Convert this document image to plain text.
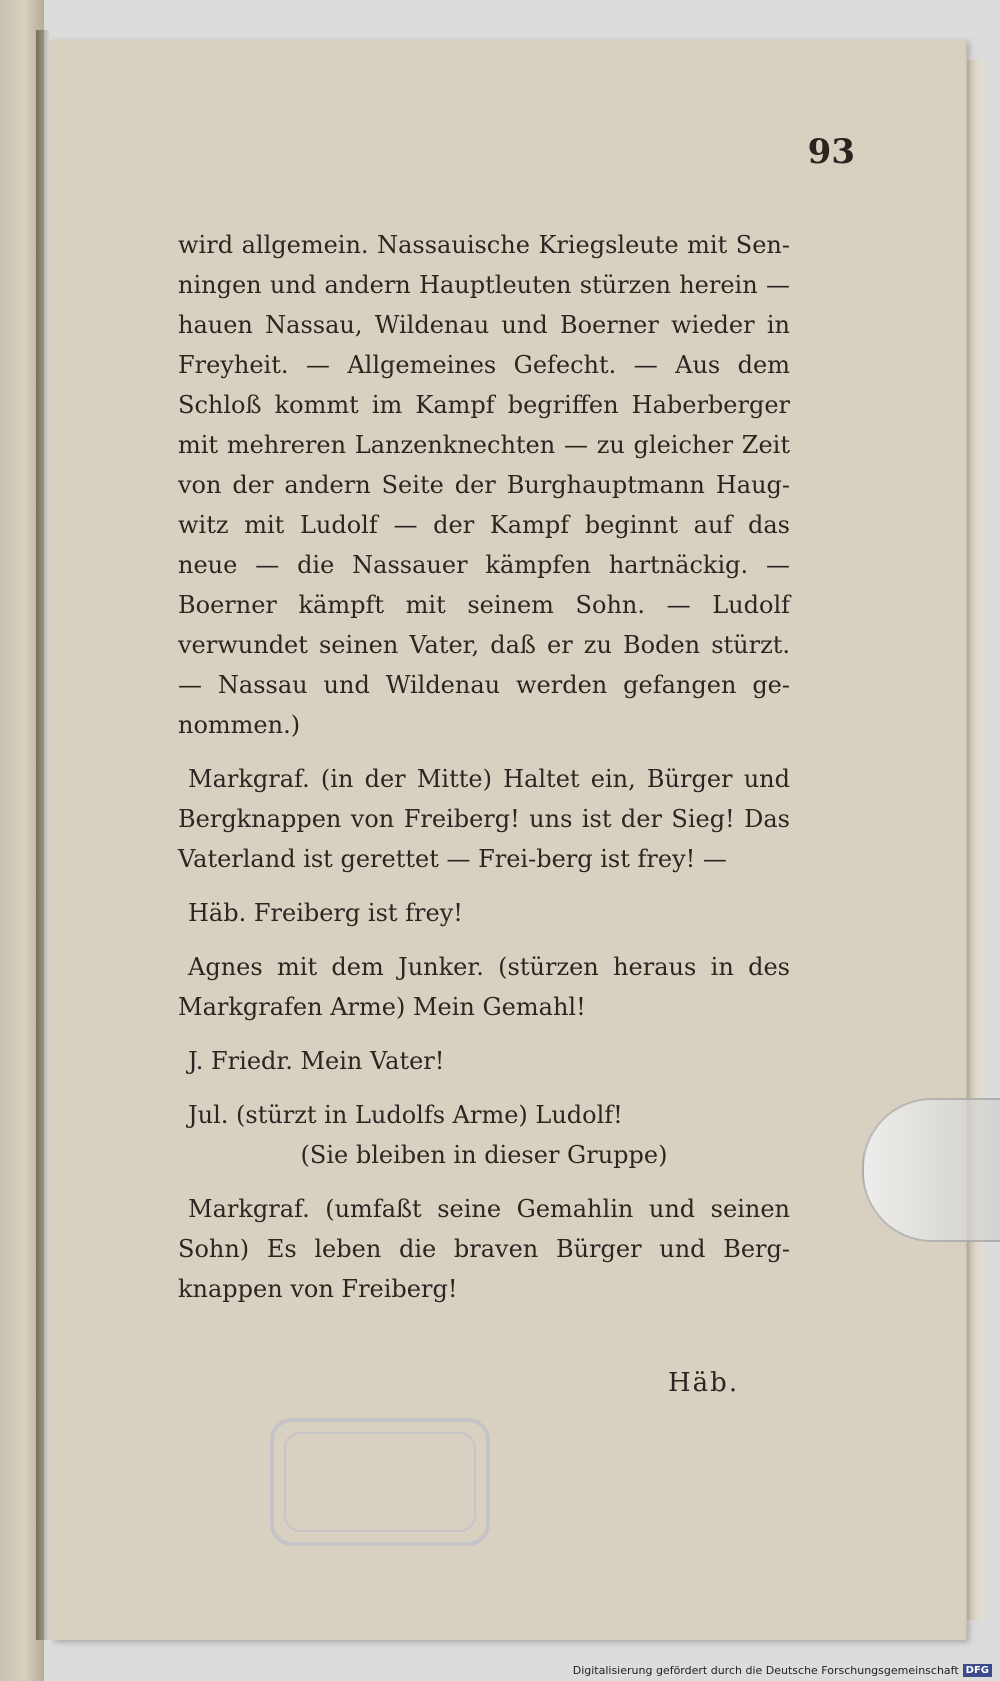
93

wird allgemein. Nassauische Kriegsleute mit Sen-ningen und andern Hauptleuten stürzen herein — hauen Nassau, Wildenau und Boerner wieder in Freyheit. — Allgemeines Gefecht. — Aus dem Schloß kommt im Kampf begriffen Haberberger mit mehreren Lanzenknechten — zu gleicher Zeit von der andern Seite der Burghauptmann Haug-witz mit Ludolf — der Kampf beginnt auf das neue — die Nassauer kämpfen hartnäckig. — Boerner kämpft mit seinem Sohn. — Ludolf verwundet seinen Vater, daß er zu Boden stürzt. — Nassau und Wildenau werden gefangen ge-nommen.)

Markgraf. (in der Mitte) Haltet ein, Bürger und Bergknappen von Freiberg! uns ist der Sieg! Das Vaterland ist gerettet — Frei-berg ist frey! —

Häb. Freiberg ist frey!

Agnes mit dem Junker. (stürzen heraus in des Markgrafen Arme) Mein Gemahl!

J. Friedr. Mein Vater!

Jul. (stürzt in Ludolfs Arme) Ludolf!

(Sie bleiben in dieser Gruppe)

Markgraf. (umfaßt seine Gemahlin und seinen Sohn) Es leben die braven Bürger und Berg-knappen von Freiberg!

Häb.
Digitalisierung gefördert durch die Deutsche Forschungsgemeinschaft DFG
